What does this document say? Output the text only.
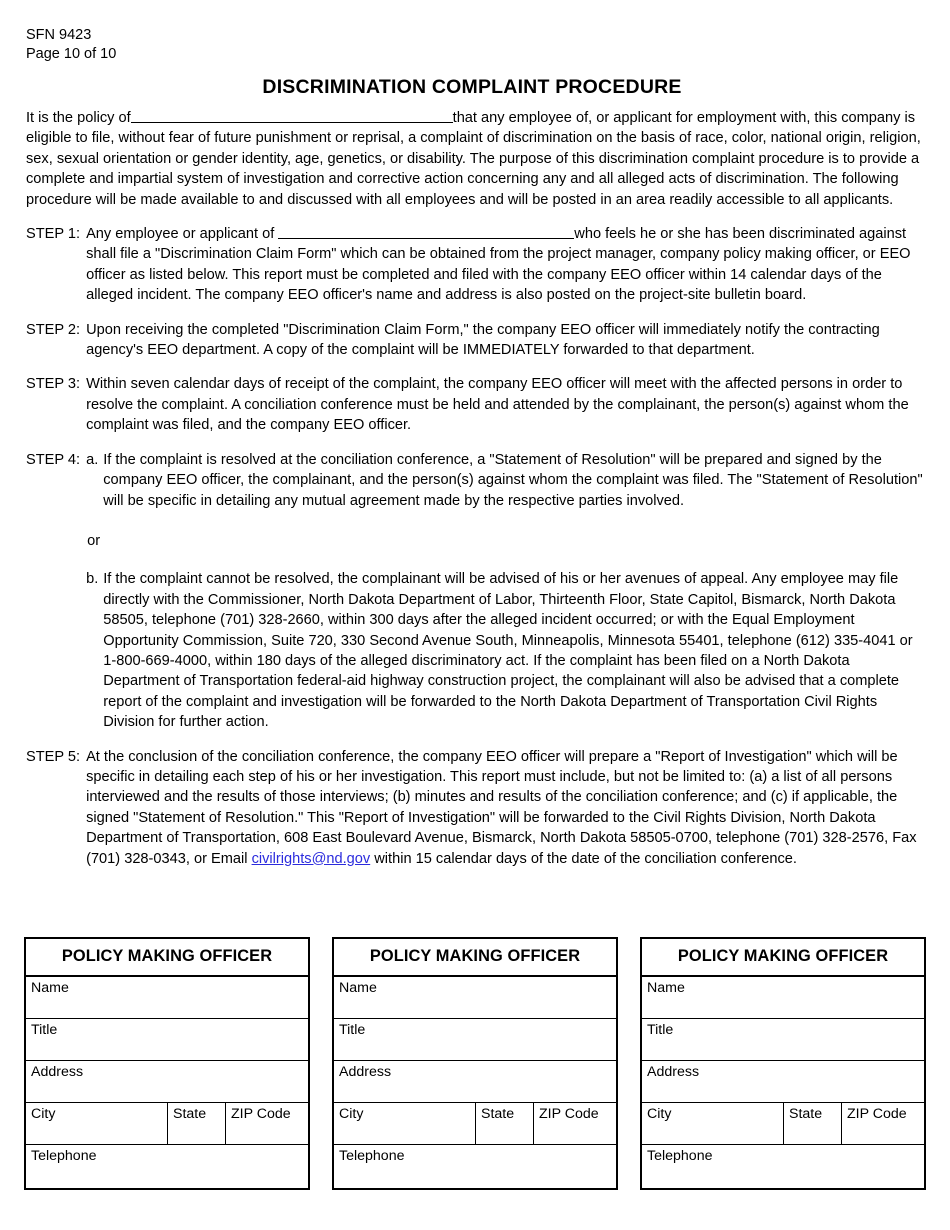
SFN 9423
Page 10 of 10
DISCRIMINATION COMPLAINT PROCEDURE

It is the policy of	that any employee of, or applicant for employment with, this company is eligible to file, without fear of future punishment or reprisal, a complaint of discrimination on the basis of race, color, national origin, religion, sex, sexual orientation or gender identity, age, genetics, or disability. The purpose of this discrimination complaint procedure is to provide a complete and impartial system of investigation and corrective action concerning any and all alleged acts of discrimination. The following procedure will be made available to and discussed with all employees and will be posted in an area readily accessible to all applicants.

STEP 1: Any employee or applicant of	who feels he or she has been discriminated against shall file a "Discrimination Claim Form" which can be obtained from the project manager, company policy making officer, or EEO officer as listed below. This report must be completed and filed with the company EEO officer within 14 calendar days of the alleged incident. The company EEO officer's name and address is also posted on the project-site bulletin board.

STEP 2: Upon receiving the completed "Discrimination Claim Form," the company EEO officer will immediately notify the contracting agency's EEO department. A copy of the complaint will be IMMEDIATELY forwarded to that department.

STEP 3: Within seven calendar days of receipt of the complaint, the company EEO officer will meet with the affected persons in order to resolve the complaint. A conciliation conference must be held and attended by the complainant, the person(s) against whom the complaint was filed, and the company EEO officer.

STEP 4: a. If the complaint is resolved at the conciliation conference, a "Statement of Resolution" will be prepared and signed by the company EEO officer, the complainant, and the person(s) against whom the complaint was filed. The "Statement of Resolution" will be specific in detailing any mutual agreement made by the respective parties involved.
or
b. If the complaint cannot be resolved, the complainant will be advised of his or her avenues of appeal. Any employee may file directly with the Commissioner, North Dakota Department of Labor, Thirteenth Floor, State Capitol, Bismarck, North Dakota 58505, telephone (701) 328-2660, within 300 days after the alleged incident occurred; or with the Equal Employment Opportunity Commission, Suite 720, 330 Second Avenue South, Minneapolis, Minnesota 55401, telephone (612) 335-4041 or 1-800-669-4000, within 180 days of the alleged discriminatory act. If the complaint has been filed on a North Dakota Department of Transportation federal-aid highway construction project, the complainant will also be advised that a complete report of the complaint and investigation will be forwarded to the North Dakota Department of Transportation Civil Rights Division for further action.
STEP 5: At the conclusion of the conciliation conference, the company EEO officer will prepare a "Report of Investigation" which will be specific in detailing each step of his or her investigation. This report must include, but not be limited to: (a) a list of all persons interviewed and the results of those interviews; (b) minutes and results of the conciliation conference; and (c) if applicable, the signed "Statement of Resolution." This "Report of Investigation" will be forwarded to the Civil Rights Division, North Dakota Department of Transportation, 608 East Boulevard Avenue, Bismarck, North Dakota 58505-0700, telephone (701) 328-2576, Fax (701) 328-0343, or Email civilrights@nd.gov within 15 calendar days of the date of the conciliation conference.

POLICY MAKING OFFICER
Name
Title
Address
City	State	ZIP Code
Telephone
POLICY MAKING OFFICER
Name
Title
Address
City	State	ZIP Code
Telephone
POLICY MAKING OFFICER
Name
Title
Address
City	State	ZIP Code
Telephone
